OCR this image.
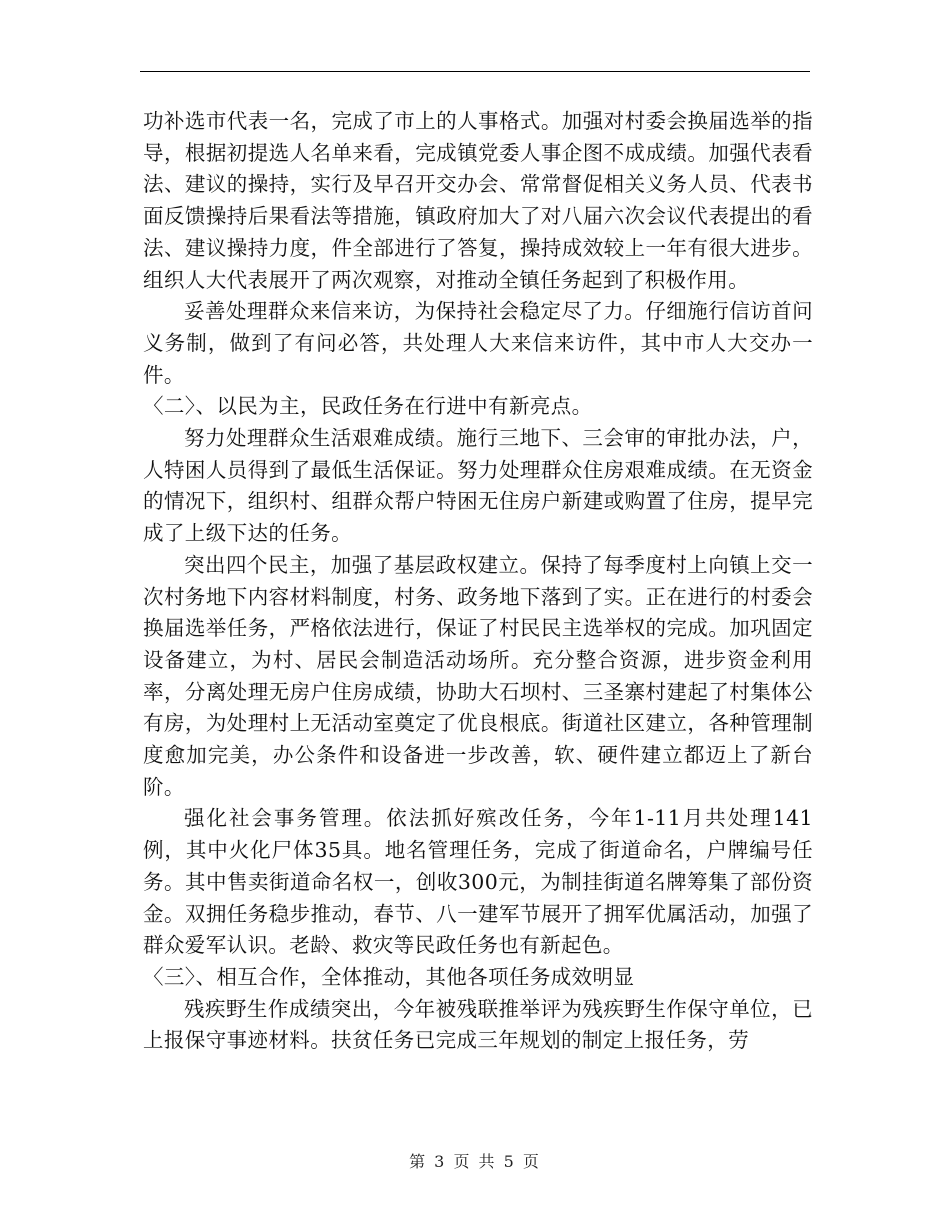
功补选市代表一名，完成了市上的人事格式。加强对村委会换届选举的指导，根据初提选人名单来看，完成镇党委人事企图不成成绩。加强代表看法、建议的操持，实行及早召开交办会、常常督促相关义务人员、代表书面反馈操持后果看法等措施，镇政府加大了对八届六次会议代表提出的看法、建议操持力度，件全部进行了答复，操持成效较上一年有很大进步。组织人大代表展开了两次观察，对推动全镇任务起到了积极作用。

妥善处理群众来信来访，为保持社会稳定尽了力。仔细施行信访首问义务制，做到了有问必答，共处理人大来信来访件，其中市人大交办一件。

〈二〉、以民为主，民政任务在行进中有新亮点。

努力处理群众生活艰难成绩。施行三地下、三会审的审批办法，户，人特困人员得到了最低生活保证。努力处理群众住房艰难成绩。在无资金的情况下，组织村、组群众帮户特困无住房户新建或购置了住房，提早完成了上级下达的任务。

突出四个民主，加强了基层政权建立。保持了每季度村上向镇上交一次村务地下内容材料制度，村务、政务地下落到了实。正在进行的村委会换届选举任务，严格依法进行，保证了村民民主选举权的完成。加巩固定设备建立，为村、居民会制造活动场所。充分整合资源，进步资金利用率，分离处理无房户住房成绩，协助大石坝村、三圣寨村建起了村集体公有房，为处理村上无活动室奠定了优良根底。街道社区建立，各种管理制度愈加完美，办公条件和设备进一步改善，软、硬件建立都迈上了新台阶。

强化社会事务管理。依法抓好殡改任务，今年1-11月共处理141例，其中火化尸体35具。地名管理任务，完成了街道命名，户牌编号任务。其中售卖街道命名权一，创收300元，为制挂街道名牌筹集了部份资金。双拥任务稳步推动，春节、八一建军节展开了拥军优属活动，加强了群众爱军认识。老龄、救灾等民政任务也有新起色。

〈三〉、相互合作，全体推动，其他各项任务成效明显

残疾野生作成绩突出，今年被残联推举评为残疾野生作保守单位，已上报保守事迹材料。扶贫任务已完成三年规划的制定上报任务，劳

第 3 页 共 5 页
